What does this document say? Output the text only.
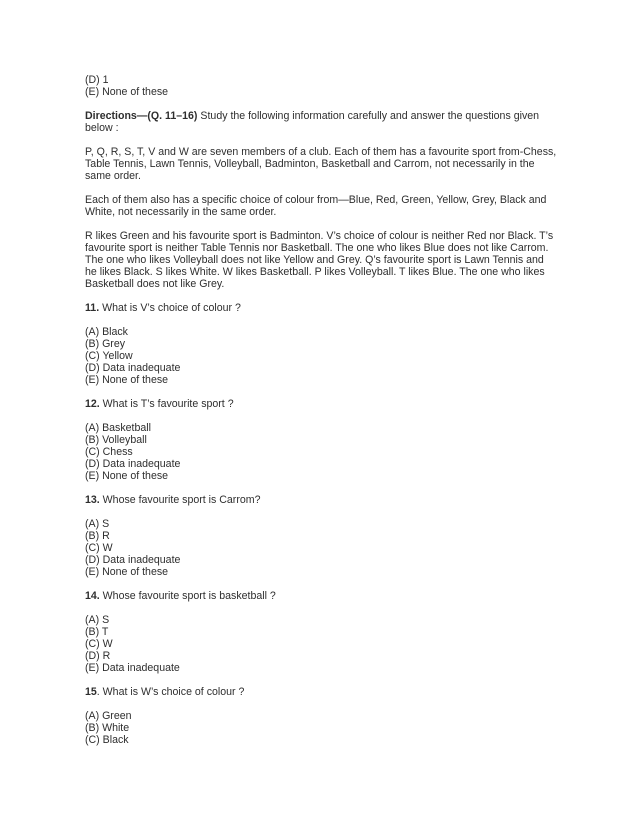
(D) 1
(E) None of these
Directions—(Q. 11–16) Study the following information carefully and answer the questions given
below :
P, Q, R, S, T, V and W are seven members of a club. Each of them has a favourite sport from-Chess,
Table Tennis, Lawn Tennis, Volleyball, Badminton, Basketball and Carrom, not necessarily in the
same order.
Each of them also has a specific choice of colour from—Blue, Red, Green, Yellow, Grey, Black and
White, not necessarily in the same order.
R likes Green and his favourite sport is Badminton. V’s choice of colour is neither Red nor Black. T’s
favourite sport is neither Table Tennis nor Basketball. The one who likes Blue does not like Carrom.
The one who likes Volleyball does not like Yellow and Grey. Q’s favourite sport is Lawn Tennis and
he likes Black. S likes White. W likes Basketball. P likes Volleyball. T likes Blue. The one who likes
Basketball does not like Grey.
11. What is V’s choice of colour ?
(A) Black
(B) Grey
(C) Yellow
(D) Data inadequate
(E) None of these
12. What is T’s favourite sport ?
(A) Basketball
(B) Volleyball
(C) Chess
(D) Data inadequate
(E) None of these
13. Whose favourite sport is Carrom?
(A) S
(B) R
(C) W
(D) Data inadequate
(E) None of these
14. Whose favourite sport is basketball ?
(A) S
(B) T
(C) W
(D) R
(E) Data inadequate
15. What is W’s choice of colour ?
(A) Green
(B) White
(C) Black
